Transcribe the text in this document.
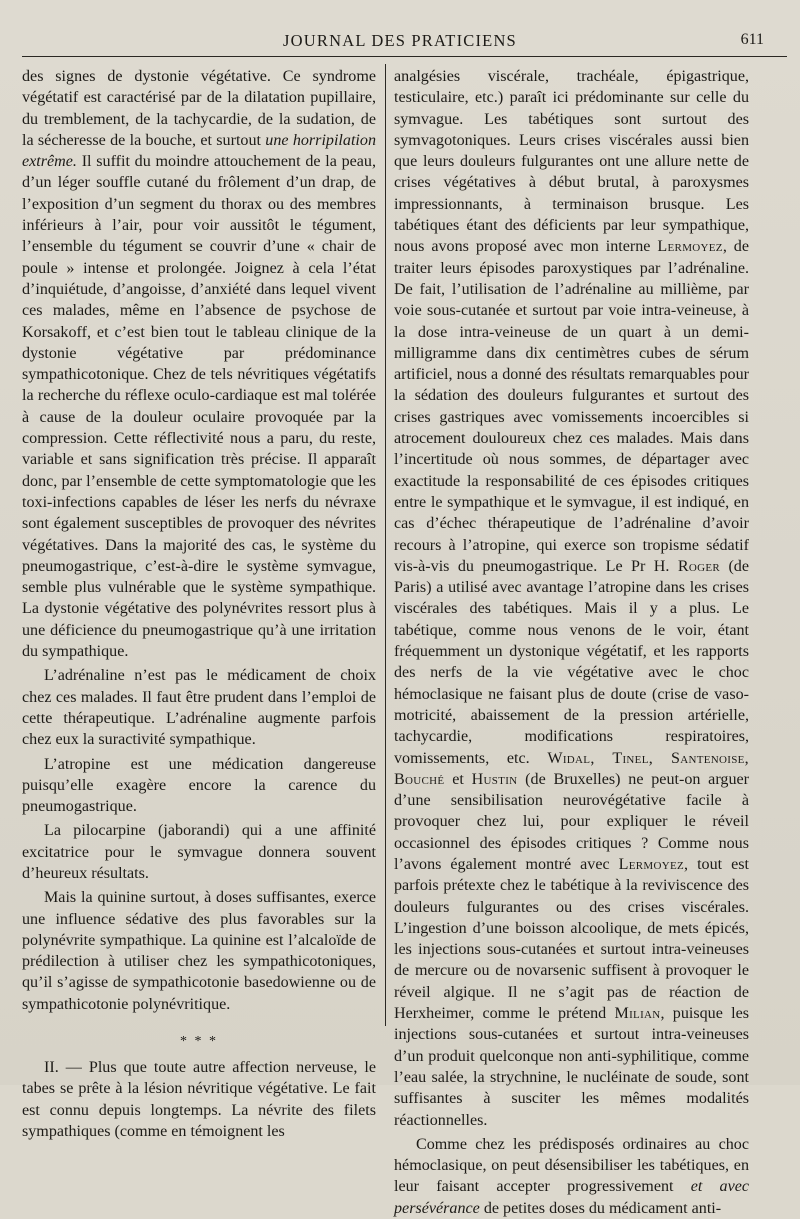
JOURNAL DES PRATICIENS	611

des signes de dystonie végétative. Ce syndrome végétatif est caractérisé par de la dilatation pupillaire, du tremblement, de la tachycardie, de la sudation, de la sécheresse de la bouche, et surtout une horripilation extrême. Il suffit du moindre attouchement de la peau, d’un léger souffle cutané du frôlement d’un drap, de l’exposition d’un segment du thorax ou des membres inférieurs à l’air, pour voir aussitôt le tégument, l’ensemble du tégument se couvrir d’une « chair de poule » intense et prolongée. Joignez à cela l’état d’inquiétude, d’angoisse, d’anxiété dans lequel vivent ces malades, même en l’absence de psychose de Korsakoff, et c’est bien tout le tableau clinique de la dystonie végétative par prédominance sympathicotonique. Chez de tels névritiques végétatifs la recherche du réflexe oculo-cardiaque est mal tolérée à cause de la douleur oculaire provoquée par la compression. Cette réflectivité nous a paru, du reste, variable et sans signification très précise. Il apparaît donc, par l’ensemble de cette symptomatologie que les toxi-infections capables de léser les nerfs du névraxe sont également susceptibles de provoquer des névrites végétatives. Dans la majorité des cas, le système du pneumogastrique, c’est-à-dire le système symvague, semble plus vulnérable que le système sympathique. La dystonie végétative des polynévrites ressort plus à une déficience du pneumogastrique qu’à une irritation du sympathique.

L’adrénaline n’est pas le médicament de choix chez ces malades. Il faut être prudent dans l’emploi de cette thérapeutique. L’adrénaline augmente parfois chez eux la suractivité sympathique.

L’atropine est une médication dangereuse puisqu’elle exagère encore la carence du pneumogastrique.

La pilocarpine (jaborandi) qui a une affinité excitatrice pour le symvague donnera souvent d’heureux résultats.

Mais la quinine surtout, à doses suffisantes, exerce une influence sédative des plus favorables sur la polynévrite sympathique. La quinine est l’alcaloïde de prédilection à utiliser chez les sympathicotoniques, qu’il s’agisse de sympathicotonie basedowienne ou de sympathicotonie polynévritique.

* * *

II. — Plus que toute autre affection nerveuse, le tabes se prête à la lésion névritique végétative. Le fait est connu depuis longtemps. La névrite des filets sympathiques (comme en témoignent les

analgésies viscérale, trachéale, épigastrique, testiculaire, etc.) paraît ici prédominante sur celle du symvague. Les tabétiques sont surtout des symvagotoniques. Leurs crises viscérales aussi bien que leurs douleurs fulgurantes ont une allure nette de crises végétatives à début brutal, à paroxysmes impressionnants, à terminaison brusque. Les tabétiques étant des déficients par leur sympathique, nous avons proposé avec mon interne Lermoyez, de traiter leurs épisodes paroxystiques par l’adrénaline. De fait, l’utilisation de l’adrénaline au millième, par voie sous-cutanée et surtout par voie intra-veineuse, à la dose intra-veineuse de un quart à un demi-milligramme dans dix centimètres cubes de sérum artificiel, nous a donné des résultats remarquables pour la sédation des douleurs fulgurantes et surtout des crises gastriques avec vomissements incoercibles si atrocement douloureux chez ces malades. Mais dans l’incertitude où nous sommes, de départager avec exactitude la responsabilité de ces épisodes critiques entre le sympathique et le symvague, il est indiqué, en cas d’échec thérapeutique de l’adrénaline d’avoir recours à l’atropine, qui exerce son tropisme sédatif vis-à-vis du pneumogastrique. Le Pr H. Roger (de Paris) a utilisé avec avantage l’atropine dans les crises viscérales des tabétiques. Mais il y a plus. Le tabétique, comme nous venons de le voir, étant fréquemment un dystonique végétatif, et les rapports des nerfs de la vie végétative avec le choc hémoclasique ne faisant plus de doute (crise de vaso-motricité, abaissement de la pression artérielle, tachycardie, modifications respiratoires, vomissements, etc. Widal, Tinel, Santenoise, Bouché et Hustin (de Bruxelles) ne peut-on arguer d’une sensibilisation neurovégétative facile à provoquer chez lui, pour expliquer le réveil occasionnel des épisodes critiques ? Comme nous l’avons également montré avec Lermoyez, tout est parfois prétexte chez le tabétique à la reviviscence des douleurs fulgurantes ou des crises viscérales. L’ingestion d’une boisson alcoolique, de mets épicés, les injections sous-cutanées et surtout intra-veineuses de mercure ou de novarsenic suffisent à provoquer le réveil algique. Il ne s’agit pas de réaction de Herxheimer, comme le prétend Milian, puisque les injections sous-cutanées et surtout intra-veineuses d’un produit quelconque non anti-syphilitique, comme l’eau salée, la strychnine, le nucléinate de soude, sont suffisantes à susciter les mêmes modalités réactionnelles.

Comme chez les prédisposés ordinaires au choc hémoclasique, on peut désensibiliser les tabétiques, en leur faisant accepter progressivement et avec persévérance de petites doses du médicament anti-
